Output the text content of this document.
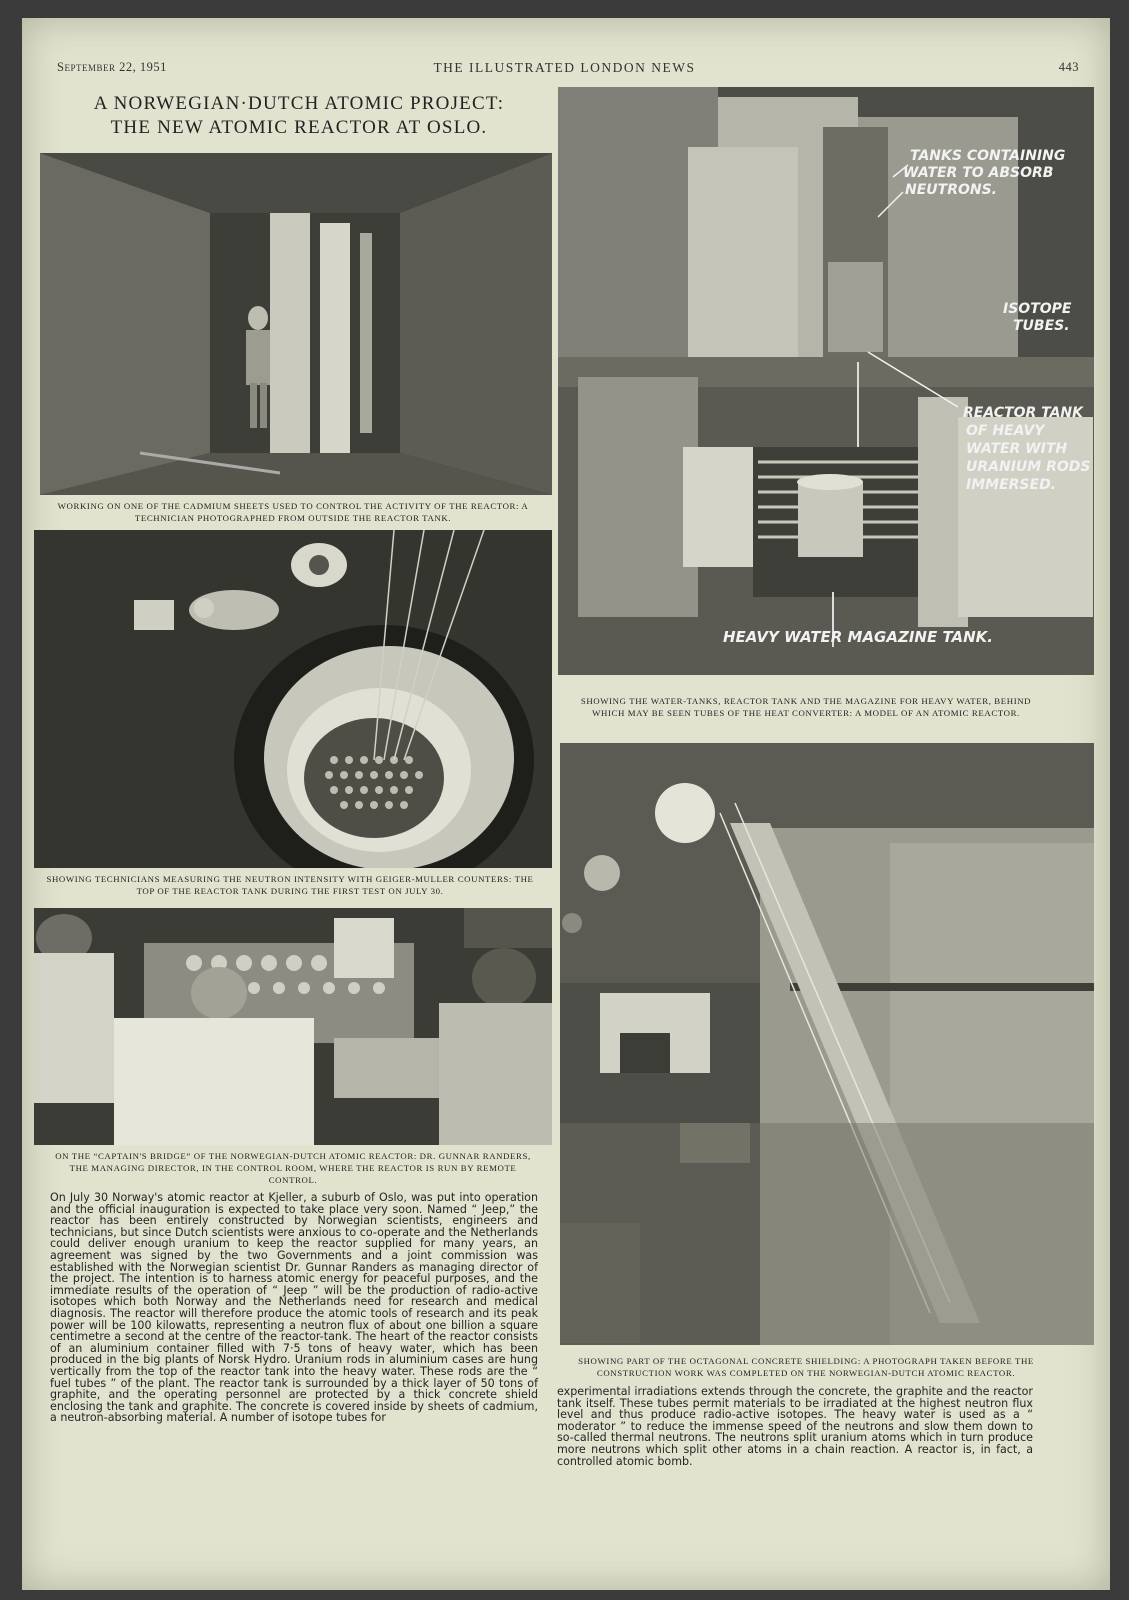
September 22, 1951	THE ILLUSTRATED LONDON NEWS	443
A NORWEGIAN·DUTCH ATOMIC PROJECT:
THE NEW ATOMIC REACTOR AT OSLO.
WORKING ON ONE OF THE CADMIUM SHEETS USED TO CONTROL THE ACTIVITY OF THE REACTOR: A TECHNICIAN PHOTOGRAPHED FROM OUTSIDE THE REACTOR TANK.
SHOWING TECHNICIANS MEASURING THE NEUTRON INTENSITY WITH GEIGER-MULLER COUNTERS: THE TOP OF THE REACTOR TANK DURING THE FIRST TEST ON JULY 30.
ON THE “CAPTAIN'S BRIDGE” OF THE NORWEGIAN-DUTCH ATOMIC REACTOR: DR. GUNNAR RANDERS, THE MANAGING DIRECTOR, IN THE CONTROL ROOM, WHERE THE REACTOR IS RUN BY REMOTE CONTROL.
TANKS CONTAINING
WATER TO ABSORB
NEUTRONS.
ISOTOPE
TUBES.
REACTOR TANK
OF HEAVY
WATER WITH
URANIUM RODS
IMMERSED.
HEAVY WATER MAGAZINE TANK.
SHOWING THE WATER-TANKS, REACTOR TANK AND THE MAGAZINE FOR HEAVY WATER, BEHIND WHICH MAY BE SEEN TUBES OF THE HEAT CONVERTER: A MODEL OF AN ATOMIC REACTOR.
SHOWING PART OF THE OCTAGONAL CONCRETE SHIELDING: A PHOTOGRAPH TAKEN BEFORE THE CONSTRUCTION WORK WAS COMPLETED ON THE NORWEGIAN-DUTCH ATOMIC REACTOR.
On July 30 Norway's atomic reactor at Kjeller, a suburb of Oslo, was put into operation and the official inauguration is expected to take place very soon. Named “ Jeep,” the reactor has been entirely constructed by Norwegian scientists, engineers and technicians, but since Dutch scientists were anxious to co-operate and the Netherlands could deliver enough uranium to keep the reactor supplied for many years, an agreement was signed by the two Governments and a joint commission was established with the Norwegian scientist Dr. Gunnar Randers as managing director of the project. The intention is to harness atomic energy for peaceful purposes, and the immediate results of the operation of “ Jeep ” will be the production of radio-active isotopes which both Norway and the Netherlands need for research and medical diagnosis. The reactor will therefore produce the atomic tools of research and its peak power will be 100 kilowatts, representing a neutron flux of about one billion a square centimetre a second at the centre of the reactor-tank. The heart of the reactor consists of an aluminium container filled with 7·5 tons of heavy water, which has been produced in the big plants of Norsk Hydro. Uranium rods in aluminium cases are hung vertically from the top of the reactor tank into the heavy water. These rods are the “ fuel tubes ” of the plant. The reactor tank is surrounded by a thick layer of 50 tons of graphite, and the operating personnel are protected by a thick concrete shield enclosing the tank and graphite. The concrete is covered inside by sheets of cadmium, a neutron-absorbing material. A number of isotope tubes for
experimental irradiations extends through the concrete, the graphite and the reactor tank itself. These tubes permit materials to be irradiated at the highest neutron flux level and thus produce radio-active isotopes. The heavy water is used as a “ moderator ” to reduce the immense speed of the neutrons and slow them down to so-called thermal neutrons. The neutrons split uranium atoms which in turn produce more neutrons which split other atoms in a chain reaction. A reactor is, in fact, a controlled atomic bomb.
